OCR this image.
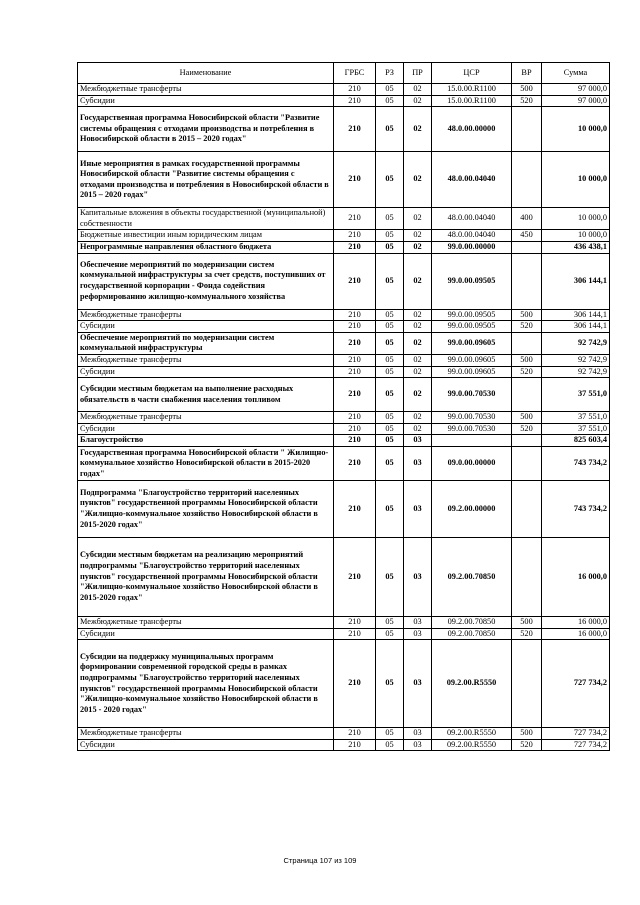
Наименование	ГРБС	РЗ	ПР	ЦСР	ВР	Сумма
Межбюджетные трансферты	210	05	02	15.0.00.R1100	500	97 000,0
Субсидии	210	05	02	15.0.00.R1100	520	97 000,0
Государственная программа Новосибирской области "Развитие системы обращения с отходами производства и потребления в Новосибирской области в 2015 – 2020 годах"	210	05	02	48.0.00.00000		10 000,0
Иные мероприятия в рамках государственной программы Новосибирской области "Развитие системы обращения с отходами производства и потребления в Новосибирской области в 2015 – 2020 годах"	210	05	02	48.0.00.04040		10 000,0
Капитальные вложения в объекты государственной (муниципальной) собственности	210	05	02	48.0.00.04040	400	10 000,0
Бюджетные инвестиции иным юридическим лицам	210	05	02	48.0.00.04040	450	10 000,0
Непрограммные направления областного бюджета	210	05	02	99.0.00.00000		436 438,1
Обеспечение мероприятий по модернизации систем коммунальной инфраструктуры за счет средств, поступивших от государственной корпорации - Фонда содействия реформированию жилищно-коммунального хозяйства	210	05	02	99.0.00.09505		306 144,1
Межбюджетные трансферты	210	05	02	99.0.00.09505	500	306 144,1
Субсидии	210	05	02	99.0.00.09505	520	306 144,1
Обеспечение мероприятий по модернизации систем коммунальной инфраструктуры	210	05	02	99.0.00.09605		92 742,9
Межбюджетные трансферты	210	05	02	99.0.00.09605	500	92 742,9
Субсидии	210	05	02	99.0.00.09605	520	92 742,9
Субсидии местным бюджетам на выполнение расходных обязательств в части снабжения населения топливом	210	05	02	99.0.00.70530		37 551,0
Межбюджетные трансферты	210	05	02	99.0.00.70530	500	37 551,0
Субсидии	210	05	02	99.0.00.70530	520	37 551,0
Благоустройство	210	05	03			825 603,4
Государственная программа Новосибирской области " Жилищно-коммунальное хозяйство Новосибирской области в 2015-2020 годах"	210	05	03	09.0.00.00000		743 734,2
Подпрограмма "Благоустройство территорий населенных пунктов" государственной программы Новосибирской области "Жилищно-коммунальное хозяйство Новосибирской области в 2015-2020 годах"	210	05	03	09.2.00.00000		743 734,2
Субсидии местным бюджетам на реализацию мероприятий подпрограммы "Благоустройство территорий населенных пунктов" государственной программы Новосибирской области "Жилищно-коммунальное хозяйство Новосибирской области в 2015-2020 годах"	210	05	03	09.2.00.70850		16 000,0
Межбюджетные трансферты	210	05	03	09.2.00.70850	500	16 000,0
Субсидии	210	05	03	09.2.00.70850	520	16 000,0
Субсидии на поддержку муниципальных программ формировании современной городской среды в рамках подпрограммы "Благоустройство территорий населенных пунктов" государственной программы Новосибирской области "Жилищно-коммунальное хозяйство Новосибирской области в 2015 - 2020 годах"	210	05	03	09.2.00.R5550		727 734,2
Межбюджетные трансферты	210	05	03	09.2.00.R5550	500	727 734,2
Субсидии	210	05	03	09.2.00.R5550	520	727 734,2
Страница 107 из 109
